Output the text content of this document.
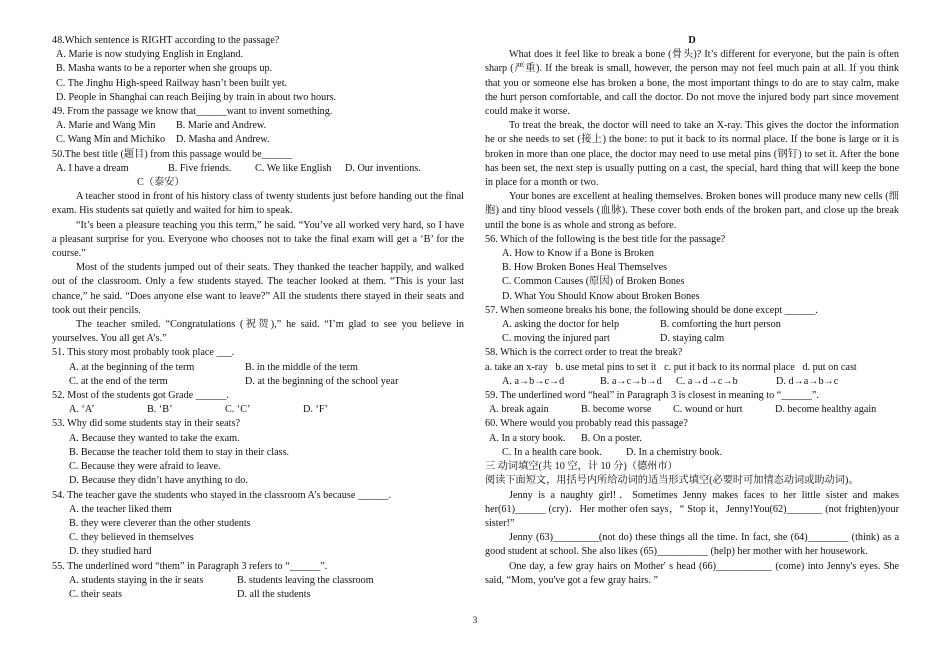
48.Which sentence is RIGHT according to the passage?
A. Marie is now studying English in England.
B. Masha wants to be a reporter when she groups up.
C. The Jinghu High-speed Railway hasn’t been built yet.
D. People in Shanghai can reach Beijing by train in about two hours.
49. From the passage we know that______want to invent something.
A. Marie and Wang Min	B. Marie and Andrew.
C. Wang Min and Michiko	D. Masha and Andrew.
50.The best title (题目) from this passage would be______
A. I have a dream	B. Five friends.	C. We like English	D. Our inventions.
C（泰安）

A teacher stood in front of his history class of twenty students just before handing out the final exam. His students sat quietly and waited for him to speak.

“It’s been a pleasure teaching you this term,” he said. “You’ve all worked very hard, so I have a pleasant surprise for you. Everyone who chooses not to take the final exam will get a ‘B’ for the course.”

Most of the students jumped out of their seats. They thanked the teacher happily, and walked out of the classroom. Only a few students stayed. The teacher looked at them. “This is your last chance,” he said. “Does anyone else want to leave?” All the students there stayed in their seats and took out their pencils.

The teacher smiled. “Congratulations (祝贺),” he said. “I’m glad to see you believe in yourselves. You all get A’s.”

51. This story most probably took place ___.
A. at the beginning of the term	B. in the middle of the term
C. at the end of the term	D. at the beginning of the school year
52. Most of the students got Grade ______.
A. ‘A’	B. ‘B’	C. ‘C’	D. ‘F’
53. Why did some students stay in their seats?
A. Because they wanted to take the exam.
B. Because the teacher told them to stay in their class.
C. Because they were afraid to leave.
D. Because they didn’t have anything to do.
54. The teacher gave the students who stayed in the classroom A’s because ______.
A. the teacher liked them
B. they were cleverer than the other students
C. they believed in themselves
D. they studied hard
55. The underlined word “them” in Paragraph 3 refers to “______”.
A. students staying in the ir seats	B. students leaving the classroom
C. their seats	D. all the students
D

What does it feel like to break a bone (骨头)? It’s different for everyone, but the pain is often sharp (严重). If the break is small, however, the person may not feel much pain at all. If you think that you or someone else has broken a bone, the most important things to do are to stay calm, make the hurt person comfortable, and call the doctor. Do not move the injured body part since movement could make it worse.

To treat the break, the doctor will need to take an X-ray. This gives the doctor the information he or she needs to set (接上) the bone: to put it back to its normal place. If the bone is large or it is broken in more than one place, the doctor may need to use metal pins (钢钉) to set it. After the bone has been set, the next step is usually putting on a cast, the special, hard thing that will keep the bone in place for a month or two.

Your bones are excellent at healing themselves. Broken bones will produce many new cells (细胞) and tiny blood vessels (血脉). These cover both ends of the broken part, and close up the break until the bone is as whole and strong as before.

56. Which of the following is the best title for the passage?
A. How to Know if a Bone is Broken
B. How Broken Bones Heal Themselves
C. Common Causes (原因) of Broken Bones
D. What You Should Know about Broken Bones
57. When someone breaks his bone, the following should be done except ______.
A. asking the doctor for help	B. comforting the hurt person
C. moving the injured part	D. staying calm
58. Which is the correct order to treat the break?
a. take an x-ray   b. use metal pins to set it   c. put it back to its normal place   d. put on cast
A. a→b→c→d	B. a→c→b→d	C. a→d→c→b	D. d→a→b→c
59. The underlined word “heal” in Paragraph 3 is closest in meaning to “______”.
A. break again	B. become worse	C. wound or hurt	D. become healthy again
60. Where would you probably read this passage?
A. In a story book.	B. On a poster.
C. In a health care book.	D. In a chemistry book.
三 动词填空(共 10 空，计 10 分)（德州市）
阅读下面短文，用括号内所给动词的适当形式填空(必要时可加情态动词或助动词)。

Jenny is a naughty girl!．Sometimes Jenny makes faces to her little sister and makes her(61)______ (cry)．Her mother ofen says，“ Stop it，Jenny!You(62)_______ (not frighten)your sister!”

Jenny (63)_________(not do) these things all the time. In fact, she (64)________ (think) as a good student at school. She also likes (65)__________ (help) her mother with her housework.

One day, a few gray hairs on Mother' s head (66)___________ (come) into Jenny's eyes. She said, “Mom, you've got a few gray hairs. ”

3
